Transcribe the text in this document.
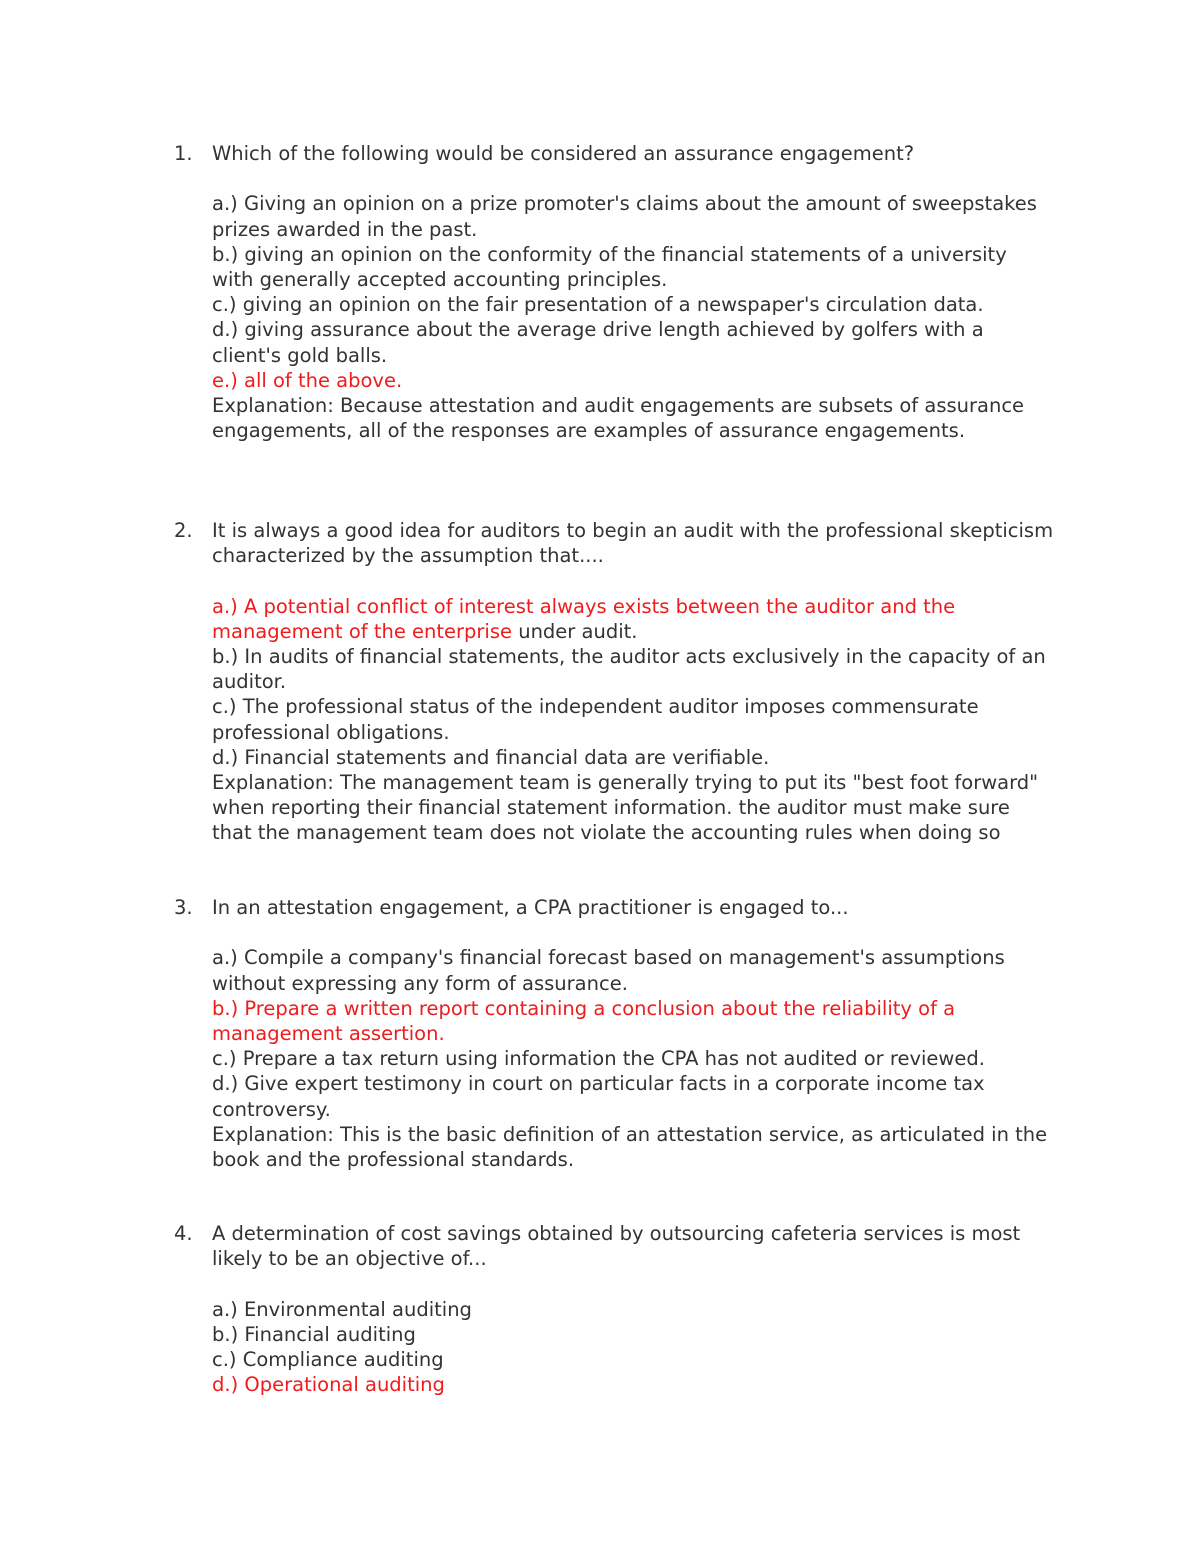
1. Which of the following would be considered an assurance engagement?
a.) Giving an opinion on a prize promoter's claims about the amount of sweepstakes prizes awarded in the past.
b.) giving an opinion on the conformity of the financial statements of a university with generally accepted accounting principles.
c.) giving an opinion on the fair presentation of a newspaper's circulation data.
d.) giving assurance about the average drive length achieved by golfers with a client's gold balls.
e.) all of the above.
Explanation: Because attestation and audit engagements are subsets of assurance engagements, all of the responses are examples of assurance engagements.
2. It is always a good idea for auditors to begin an audit with the professional skepticism characterized by the assumption that....
a.) A potential conflict of interest always exists between the auditor and the management of the enterprise under audit.
b.) In audits of financial statements, the auditor acts exclusively in the capacity of an auditor.
c.) The professional status of the independent auditor imposes commensurate professional obligations.
d.) Financial statements and financial data are verifiable.
Explanation: The management team is generally trying to put its "best foot forward" when reporting their financial statement information. the auditor must make sure that the management team does not violate the accounting rules when doing so
3. In an attestation engagement, a CPA practitioner is engaged to...
a.) Compile a company's financial forecast based on management's assumptions without expressing any form of assurance.
b.) Prepare a written report containing a conclusion about the reliability of a management assertion.
c.) Prepare a tax return using information the CPA has not audited or reviewed.
d.) Give expert testimony in court on particular facts in a corporate income tax controversy.
Explanation: This is the basic definition of an attestation service, as articulated in the book and the professional standards.
4. A determination of cost savings obtained by outsourcing cafeteria services is most likely to be an objective of...
a.) Environmental auditing
b.) Financial auditing
c.) Compliance auditing
d.) Operational auditing
